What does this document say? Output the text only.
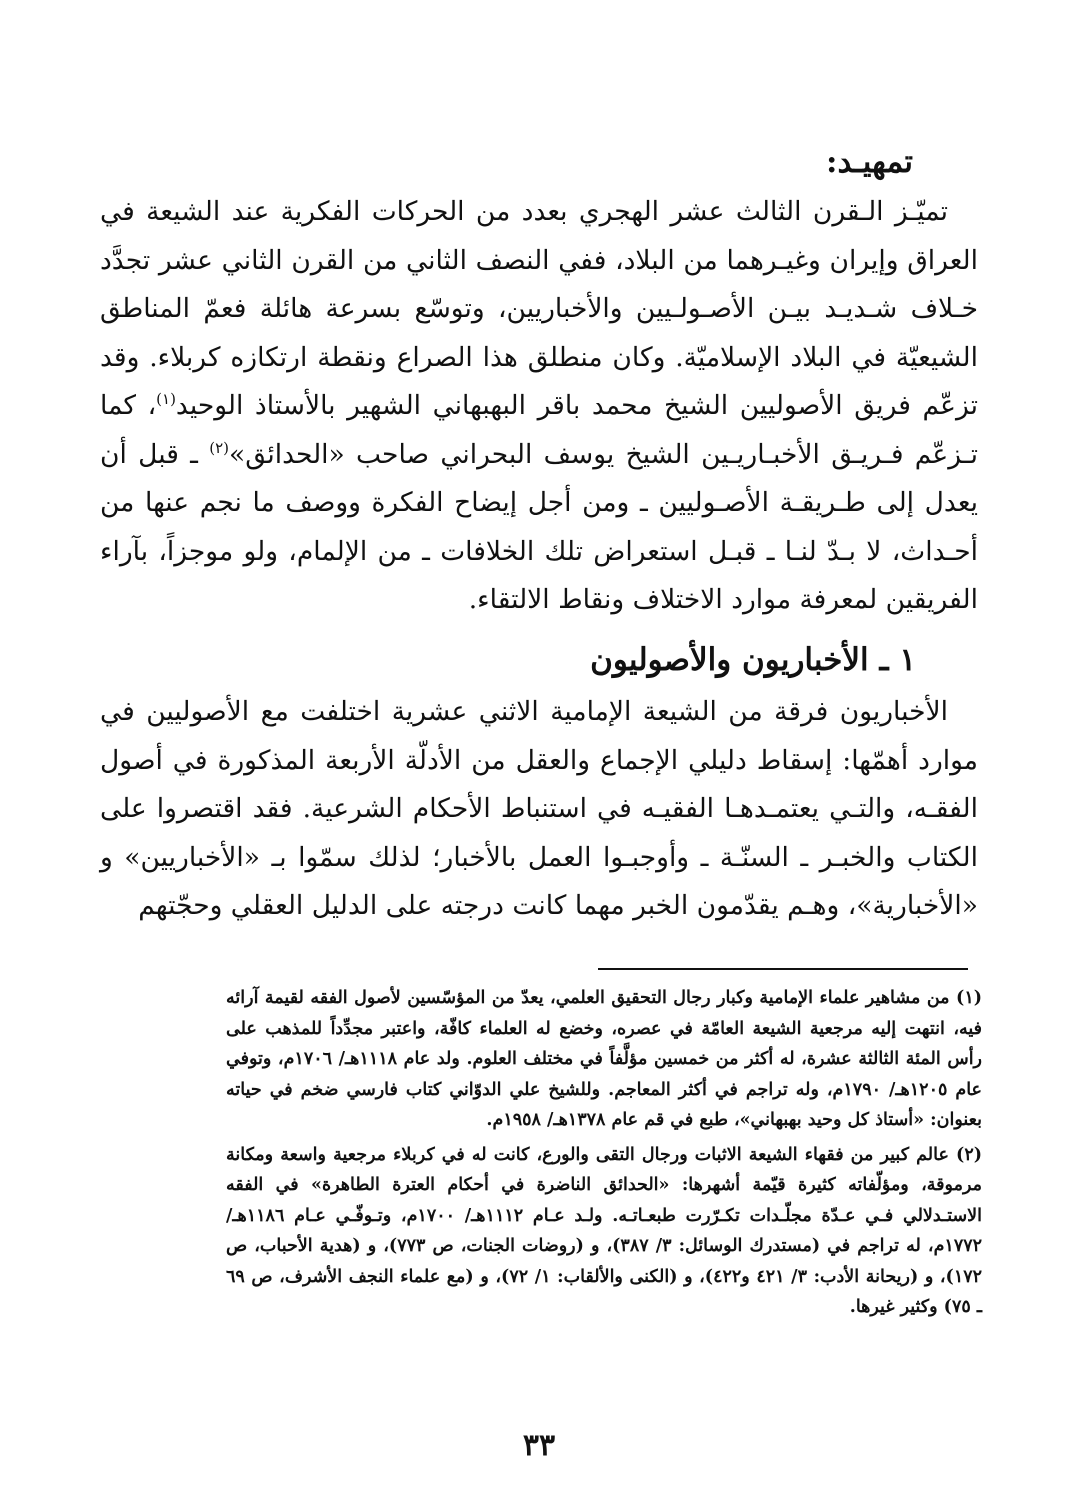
تمهيـد:

تميّـز الـقرن الثالث عشر الهجري بعدد من الحركات الفكرية عند الشيعة في العراق وإيران وغيـرهما من البلاد، ففي النصف الثاني من القرن الثاني عشر تجدَّد خـلاف شـديـد بيـن الأصـولـيين والأخباريين، وتوسّع بسرعة هائلة فعمّ المناطق الشيعيّة في البلاد الإسلاميّة. وكان منطلق هذا الصراع ونقطة ارتكازه كربلاء. وقد تزعّم فريق الأصوليين الشيخ محمد باقر البهبهاني الشهير بالأستاذ الوحيد$^{(١)}$، كما تـزعّم فـريـق الأخبـاريـين الشيخ يوسف البحراني صاحب «الحدائق»$^{(٢)}$ ـ قبل أن يعدل إلى طـريقـة الأصـوليين ـ ومن أجل إيضاح الفكرة ووصف ما نجم عنها من أحـداث، لا بـدّ لنـا ـ قبـل استعراض تلك الخلافات ـ من الإلمام، ولو موجزاً، بآراء الفريقين لمعرفة موارد الاختلاف ونقاط الالتقاء.

١ ـ الأخباريون والأصوليون

الأخباريون فرقة من الشيعة الإمامية الاثني عشرية اختلفت مع الأصوليين في موارد أهمّها: إسقاط دليلي الإجماع والعقل من الأدلّة الأربعة المذكورة في أصول الفقـه، والتـي يعتمـدهـا الفقيـه في استنباط الأحكام الشرعية. فقد اقتصروا على الكتاب والخبـر ـ السنّـة ـ وأوجبـوا العمل بالأخبار؛ لذلك سمّوا بـ «الأخباريين» و «الأخبارية»، وهـم يقدّمون الخبر مهما كانت درجته على الدليل العقلي وحجّتهم

(١) من مشاهير علماء الإمامية وكبار رجال التحقيق العلمي، يعدّ من المؤسّسين لأصول الفقه لقيمة آرائه فيه، انتهت إليه مرجعية الشيعة العامّة في عصره، وخضع له العلماء كافّة، واعتبر مجدِّداً للمذهب على رأس المئة الثالثة عشرة، له أكثر من خمسين مؤلَّفاً في مختلف العلوم. ولد عام ١١١٨هـ/ ١٧٠٦م، وتوفي عام ١٢٠٥هـ/ ١٧٩٠م، وله تراجم في أكثر المعاجم. وللشيخ علي الدوّاني كتاب فارسي ضخم في حياته بعنوان: «أستاذ كل وحيد بهبهاني»، طبع في قم عام ١٣٧٨هـ/ ١٩٥٨م.

(٢) عالم كبير من فقهاء الشيعة الاثبات ورجال التقى والورع، كانت له في كربلاء مرجعية واسعة ومكانة مرموقة، ومؤلّفاته كثيرة قيّمة أشهرها: «الحدائق الناضرة في أحكام العترة الطاهرة» في الفقه الاستـدلالي فـي عـدّة مجلّـدات تكـرّرت طبعـاتـه. ولـد عـام ١١١٢هـ/ ١٧٠٠م، وتـوفّـي عـام ١١٨٦هـ/ ١٧٧٢م، له تراجم في (مستدرك الوسائل: ٣/ ٣٨٧)، و (روضات الجنات، ص ٧٧٣)، و (هدية الأحباب، ص ١٧٢)، و (ريحانة الأدب: ٣/ ٤٢١ و٤٢٢)، و (الكنى والألقاب: ١/ ٧٢)، و (مع علماء النجف الأشرف، ص ٦٩ ـ ٧٥) وكثير غيرها.

٣٣
